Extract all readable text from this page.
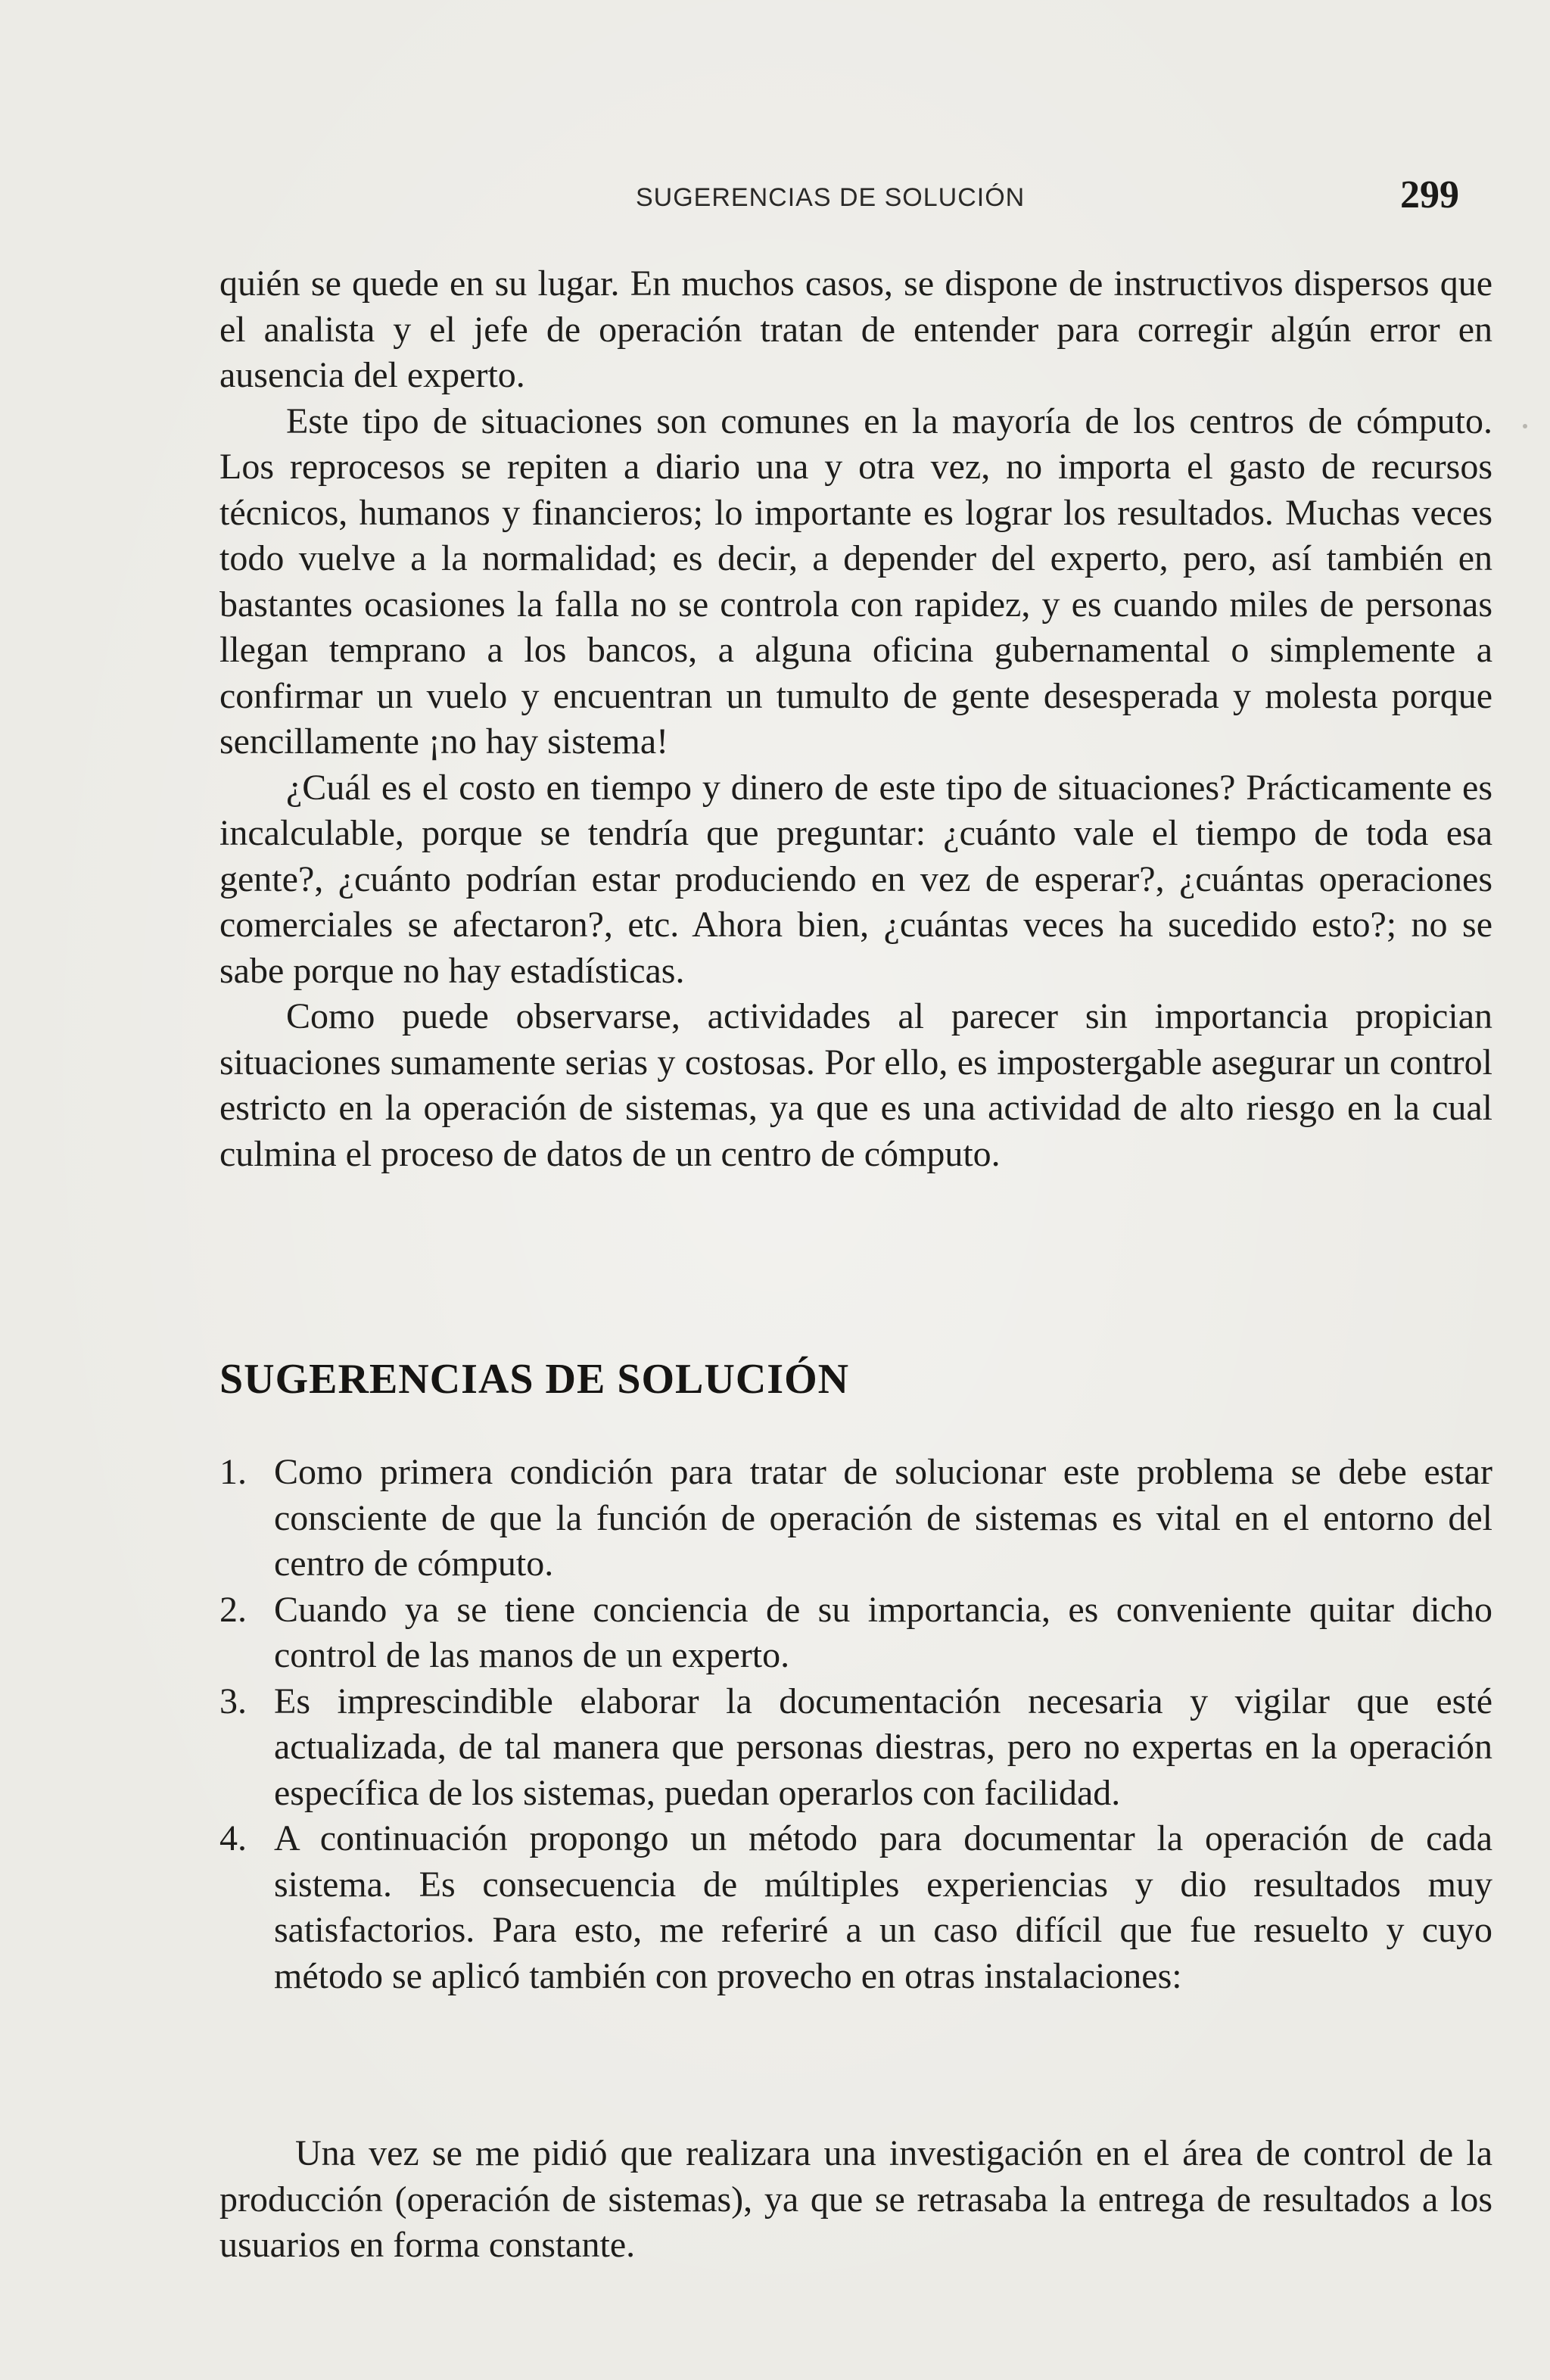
SUGERENCIAS DE SOLUCIÓN	299

quién se quede en su lugar. En muchos casos, se dispone de instructivos dispersos que el analista y el jefe de operación tratan de entender para corregir algún error en ausencia del experto.

Este tipo de situaciones son comunes en la mayoría de los centros de cómputo. Los reprocesos se repiten a diario una y otra vez, no importa el gasto de recursos técnicos, humanos y financieros; lo importante es lograr los resultados. Muchas veces todo vuelve a la normalidad; es decir, a depender del experto, pero, así también en bastantes ocasiones la falla no se controla con rapidez, y es cuando miles de personas llegan temprano a los bancos, a alguna oficina gubernamental o simplemente a confirmar un vuelo y encuentran un tumulto de gente desesperada y molesta porque sencillamente ¡no hay sistema!

¿Cuál es el costo en tiempo y dinero de este tipo de situaciones? Prácticamente es incalculable, porque se tendría que preguntar: ¿cuánto vale el tiempo de toda esa gente?, ¿cuánto podrían estar produciendo en vez de esperar?, ¿cuántas operaciones comerciales se afectaron?, etc. Ahora bien, ¿cuántas veces ha sucedido esto?; no se sabe porque no hay estadísticas.

Como puede observarse, actividades al parecer sin importancia propician situaciones sumamente serias y costosas. Por ello, es impostergable asegurar un control estricto en la operación de sistemas, ya que es una actividad de alto riesgo en la cual culmina el proceso de datos de un centro de cómputo.

SUGERENCIAS DE SOLUCIÓN
1. Como primera condición para tratar de solucionar este problema se debe estar consciente de que la función de operación de sistemas es vital en el entorno del centro de cómputo.
2. Cuando ya se tiene conciencia de su importancia, es conveniente quitar dicho control de las manos de un experto.
3. Es imprescindible elaborar la documentación necesaria y vigilar que esté actualizada, de tal manera que personas diestras, pero no expertas en la operación específica de los sistemas, puedan operarlos con facilidad.
4. A continuación propongo un método para documentar la operación de cada sistema. Es consecuencia de múltiples experiencias y dio resultados muy satisfactorios. Para esto, me referiré a un caso difícil que fue resuelto y cuyo método se aplicó también con provecho en otras instalaciones:

Una vez se me pidió que realizara una investigación en el área de control de la producción (operación de sistemas), ya que se retrasaba la entrega de resultados a los usuarios en forma constante.
